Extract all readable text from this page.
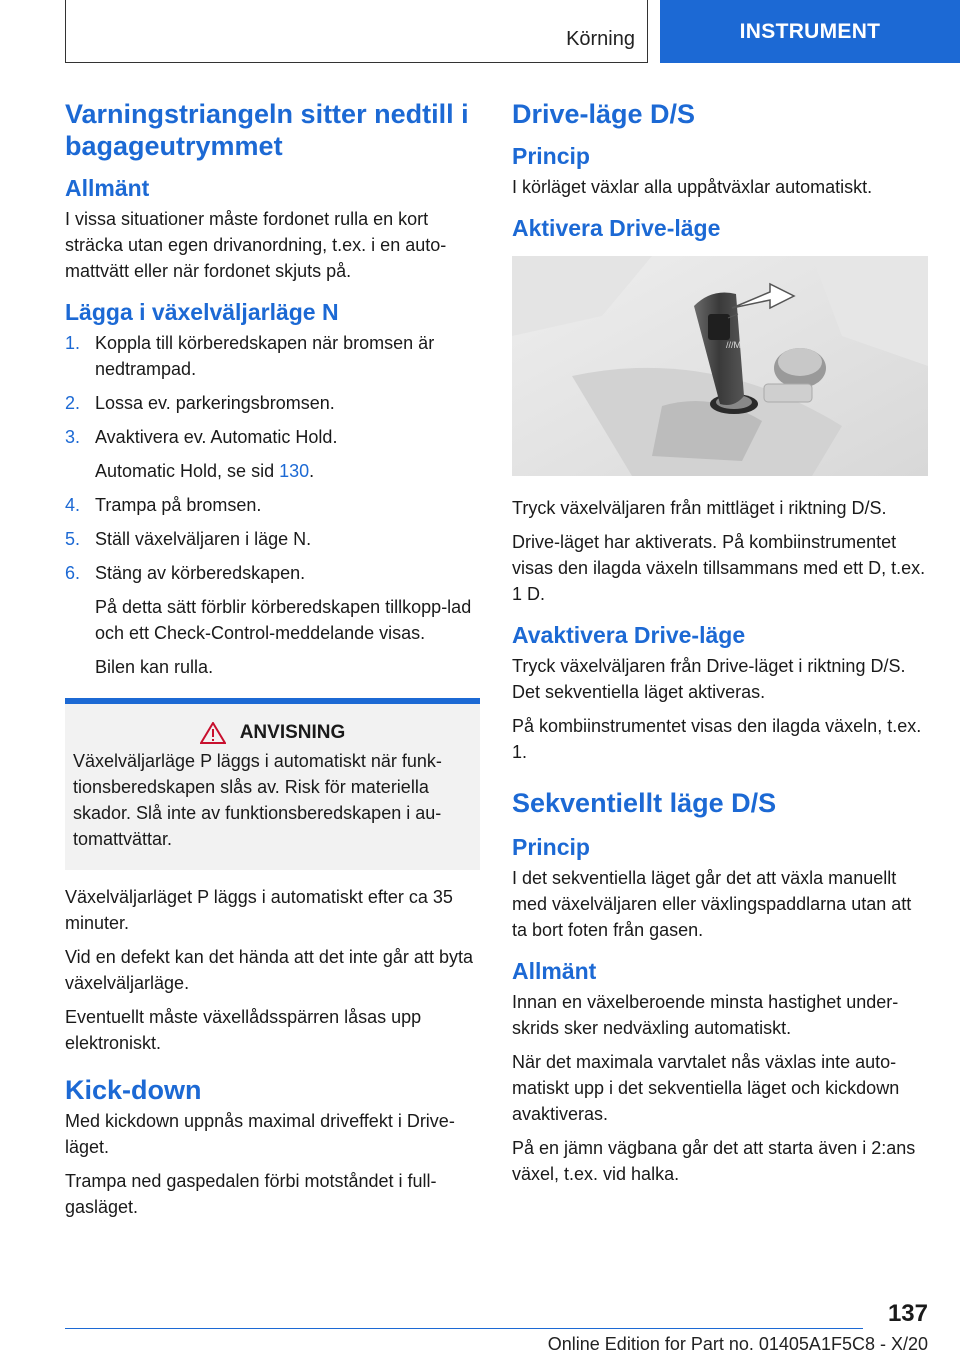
Körning	INSTRUMENT
Varningstriangeln sitter nedtill i bagageutrymmet
Allmänt

I vissa situationer måste fordonet rulla en kort sträcka utan egen drivanordning, t.ex. i en auto-mattvätt eller när fordonet skjuts på.

Lägga i växelväljarläge N
1. Koppla till körberedskapen när bromsen är nedtrampad.
2. Lossa ev. parkeringsbromsen.
3. Avaktivera ev. Automatic Hold.

Automatic Hold, se sid 130.

4. Trampa på bromsen.
5. Ställ växelväljaren i läge N.
6. Stäng av körberedskapen.

På detta sätt förblir körberedskapen tillkopp-lad och ett Check-Control-meddelande visas.

Bilen kan rulla.

ANVISNING

Växelväljarläge P läggs i automatiskt när funk-tionsberedskapen slås av. Risk för materiella skador. Slå inte av funktionsberedskapen i au-tomattvättar.

Växelväljarläget P läggs i automatiskt efter ca 35 minuter.

Vid en defekt kan det hända att det inte går att byta växelväljarläge.

Eventuellt måste växellådsspärren låsas upp elektroniskt.

Kick-down

Med kickdown uppnås maximal driveffekt i Drive-läget.

Trampa ned gaspedalen förbi motståndet i full-gasläget.

Drive-läge D/S
Princip

I körläget växlar alla uppåtväxlar automatiskt.

Aktivera Drive-läge
///M

Tryck växelväljaren från mittläget i riktning D/S.

Drive-läget har aktiverats. På kombiinstrumentet visas den ilagda växeln tillsammans med ett D, t.ex. 1 D.

Avaktivera Drive-läge

Tryck växelväljaren från Drive-läget i riktning D/S. Det sekventiella läget aktiveras.

På kombiinstrumentet visas den ilagda växeln, t.ex. 1.

Sekventiellt läge D/S
Princip

I det sekventiella läget går det att växla manuellt med växelväljaren eller växlingspaddlarna utan att ta bort foten från gasen.

Allmänt

Innan en växelberoende minsta hastighet under-skrids sker nedväxling automatiskt.

När det maximala varvtalet nås växlas inte auto-matiskt upp i det sekventiella läget och kickdown avaktiveras.

På en jämn vägbana går det att starta även i 2:ans växel, t.ex. vid halka.

137
Online Edition for Part no. 01405A1F5C8 - X/20
